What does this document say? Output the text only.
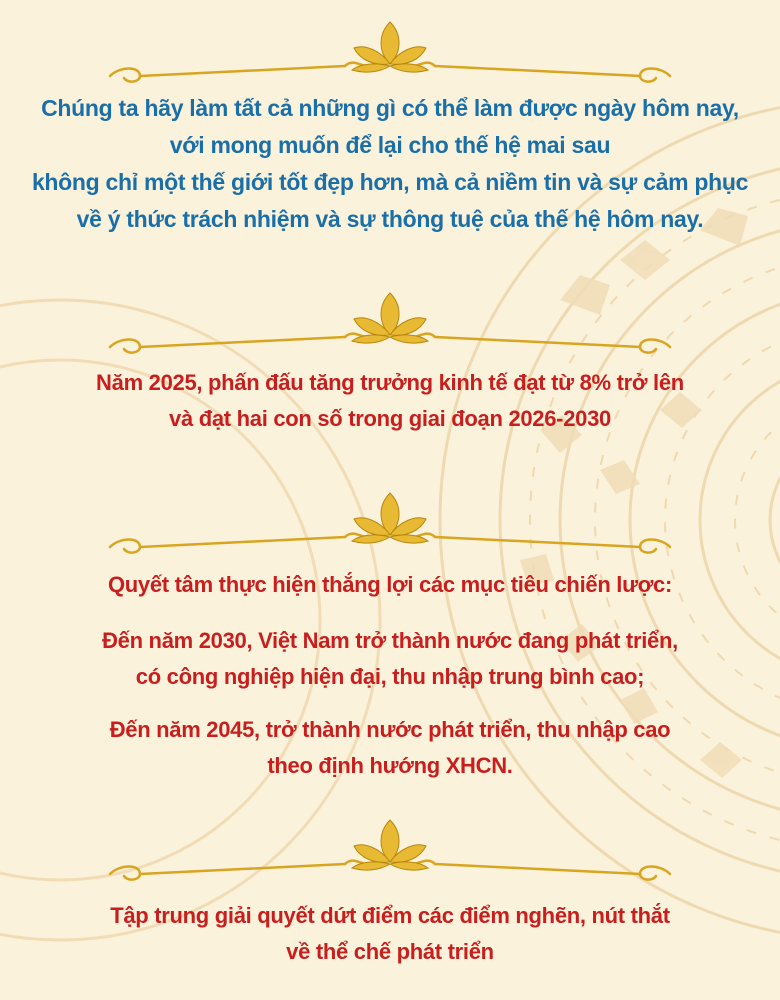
Chúng ta hãy làm tất cả những gì có thể làm được ngày hôm nay,
với mong muốn để lại cho thế hệ mai sau
không chỉ một thế giới tốt đẹp hơn, mà cả niềm tin và sự cảm phục
về ý thức trách nhiệm và sự thông tuệ của thế hệ hôm nay.
Năm 2025, phấn đấu tăng trưởng kinh tế đạt từ 8% trở lên
và đạt hai con số trong giai đoạn 2026-2030
Quyết tâm thực hiện thắng lợi các mục tiêu chiến lược:
Đến năm 2030, Việt Nam trở thành nước đang phát triển,
có công nghiệp hiện đại, thu nhập trung bình cao;
Đến năm 2045, trở thành nước phát triển, thu nhập cao
theo định hướng XHCN.
Tập trung giải quyết dứt điểm các điểm nghẽn, nút thắt
về thể chế phát triển
